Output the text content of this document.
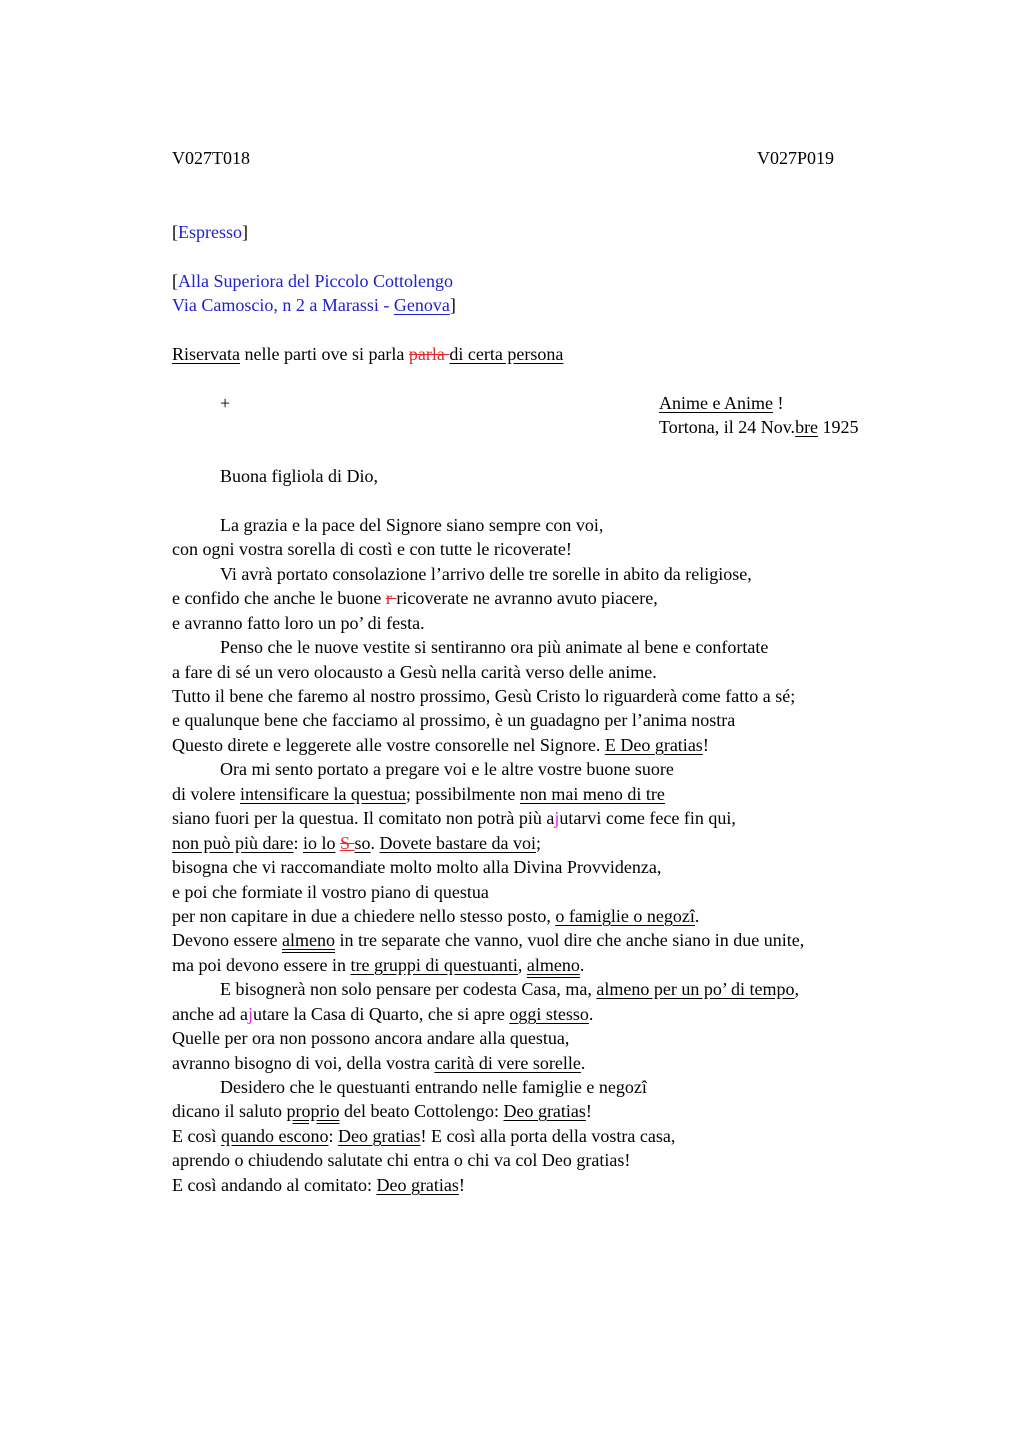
V027T018	V027P019
[Espresso]
[Alla Superiora del Piccolo Cottolengo
Via Camoscio, n 2 a Marassi - Genova]
Riservata nelle parti ove si parla parla di certa persona
+	Anime e Anime !
Tortona, il 24 Nov.bre 1925
Buona figliola di Dio,
La grazia e la pace del Signore siano sempre con voi,
con ogni vostra sorella di costì e con tutte le ricoverate!
Vi avrà portato consolazione l’arrivo delle tre sorelle in abito da religiose,
e confido che anche le buone r ricoverate ne avranno avuto piacere,
e avranno fatto loro un po’ di festa.
Penso che le nuove vestite si sentiranno ora più animate al bene e confortate
a fare di sé un vero olocausto a Gesù nella carità verso delle anime.
Tutto il bene che faremo al nostro prossimo, Gesù Cristo lo riguarderà come fatto a sé;
e qualunque bene che facciamo al prossimo, è un guadagno per l’anima nostra
Questo direte e leggerete alle vostre consorelle nel Signore. E Deo gratias!
Ora mi sento portato a pregare voi e le altre vostre buone suore
di volere intensificare la questua; possibilmente non mai meno di tre
siano fuori per la questua. Il comitato non potrà più ajutarvi come fece fin qui,
non può più dare: io lo S so. Dovete bastare da voi;
bisogna che vi raccomandiate molto molto alla Divina Provvidenza,
e poi che formiate il vostro piano di questua
per non capitare in due a chiedere nello stesso posto, o famiglie o negozî.
Devono essere almeno in tre separate che vanno, vuol dire che anche siano in due unite,
ma poi devono essere in tre gruppi di questuanti, almeno.
E bisognerà non solo pensare per codesta Casa, ma, almeno per un po’ di tempo,
anche ad ajutare la Casa di Quarto, che si apre oggi stesso.
Quelle per ora non possono ancora andare alla questua,
avranno bisogno di voi, della vostra carità di vere sorelle.
Desidero che le questuanti entrando nelle famiglie e negozî
dicano il saluto proprio del beato Cottolengo: Deo gratias!
E così quando escono: Deo gratias! E così alla porta della vostra casa,
aprendo o chiudendo salutate chi entra o chi va col Deo gratias!
E così andando al comitato: Deo gratias!
